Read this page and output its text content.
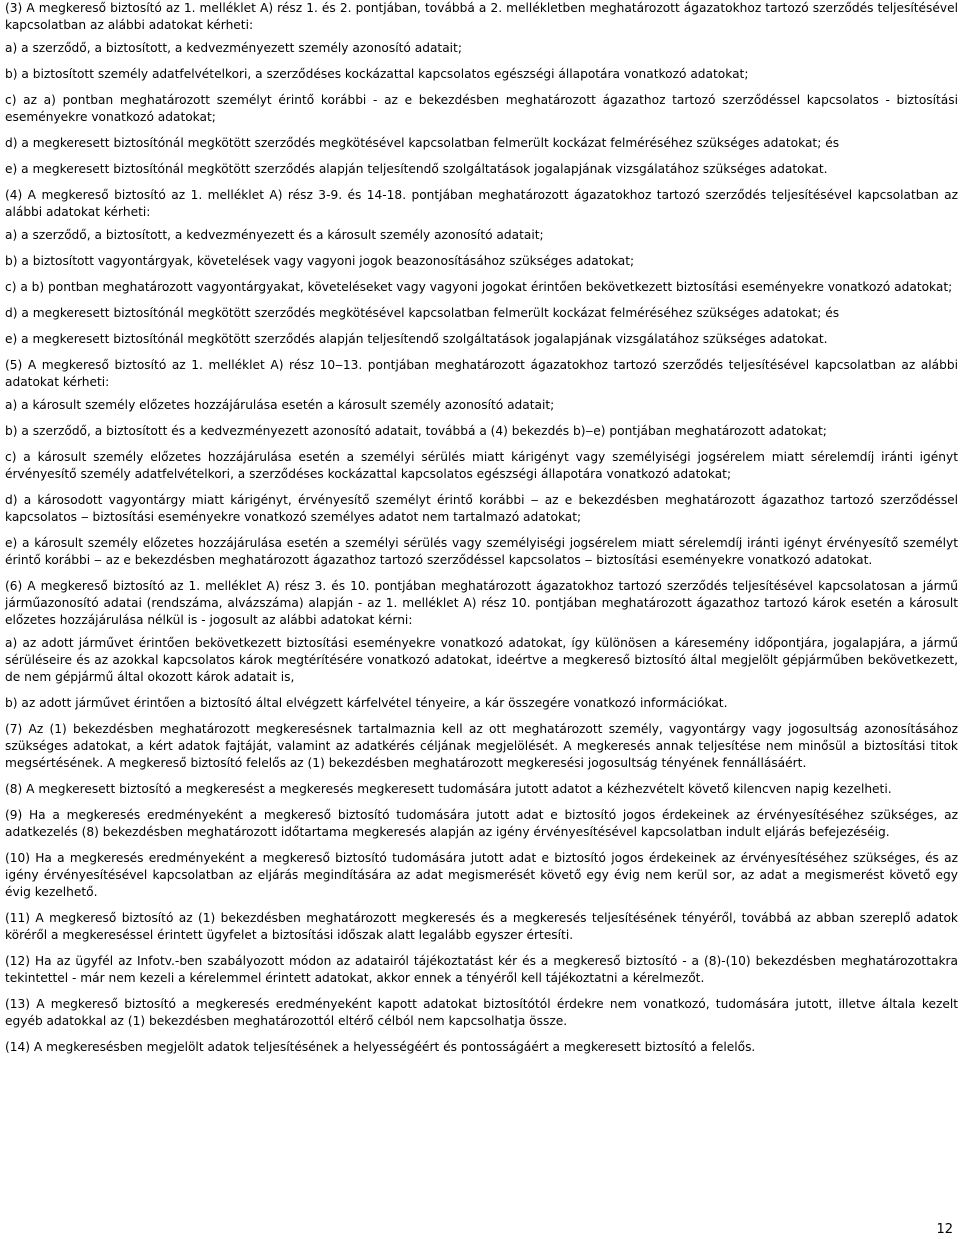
(3) A megkereső biztosító az 1. melléklet A) rész 1. és 2. pontjában, továbbá a 2. mellékletben meghatározott ágazatokhoz tartozó szerződés teljesítésével kapcsolatban az alábbi adatokat kérheti:

a) a szerződő, a biztosított, a kedvezményezett személy azonosító adatait;

b) a biztosított személy adatfelvételkori, a szerződéses kockázattal kapcsolatos egészségi állapotára vonatkozó adatokat;

c) az a) pontban meghatározott személyt érintő korábbi - az e bekezdésben meghatározott ágazathoz tartozó szerződéssel kapcsolatos - biztosítási eseményekre vonatkozó adatokat;

d) a megkeresett biztosítónál megkötött szerződés megkötésével kapcsolatban felmerült kockázat felméréséhez szükséges adatokat; és

e) a megkeresett biztosítónál megkötött szerződés alapján teljesítendő szolgáltatások jogalapjának vizsgálatához szükséges adatokat.

(4) A megkereső biztosító az 1. melléklet A) rész 3-9. és 14-18. pontjában meghatározott ágazatokhoz tartozó szerződés teljesítésével kapcsolatban az alábbi adatokat kérheti:

a) a szerződő, a biztosított, a kedvezményezett és a károsult személy azonosító adatait;

b) a biztosított vagyontárgyak, követelések vagy vagyoni jogok beazonosításához szükséges adatokat;

c) a b) pontban meghatározott vagyontárgyakat, követeléseket vagy vagyoni jogokat érintően bekövetkezett biztosítási eseményekre vonatkozó adatokat;

d) a megkeresett biztosítónál megkötött szerződés megkötésével kapcsolatban felmerült kockázat felméréséhez szükséges adatokat; és

e) a megkeresett biztosítónál megkötött szerződés alapján teljesítendő szolgáltatások jogalapjának vizsgálatához szükséges adatokat.

(5) A megkereső biztosító az 1. melléklet A) rész 10‒13. pontjában meghatározott ágazatokhoz tartozó szerződés teljesítésével kapcsolatban az alábbi adatokat kérheti:

a) a károsult személy előzetes hozzájárulása esetén a károsult személy azonosító adatait;

b) a szerződő, a biztosított és a kedvezményezett azonosító adatait, továbbá a (4) bekezdés b)‒e) pontjában meghatározott adatokat;

c) a károsult személy előzetes hozzájárulása esetén a személyi sérülés miatt kárigényt vagy személyiségi jogsérelem miatt sérelemdíj iránti igényt érvényesítő személy adatfelvételkori, a szerződéses kockázattal kapcsolatos egészségi állapotára vonatkozó adatokat;

d) a károsodott vagyontárgy miatt kárigényt, érvényesítő személyt érintő korábbi ‒ az e bekezdésben meghatározott ágazathoz tartozó szerződéssel kapcsolatos ‒ biztosítási eseményekre vonatkozó személyes adatot nem tartalmazó adatokat;

e) a károsult személy előzetes hozzájárulása esetén a személyi sérülés vagy személyiségi jogsérelem miatt sérelemdíj iránti igényt érvényesítő személyt érintő korábbi ‒ az e bekezdésben meghatározott ágazathoz tartozó szerződéssel kapcsolatos ‒ biztosítási eseményekre vonatkozó adatokat.

(6) A megkereső biztosító az 1. melléklet A) rész 3. és 10. pontjában meghatározott ágazatokhoz tartozó szerződés teljesítésével kapcsolatosan a jármű járműazonosító adatai (rendszáma, alvázszáma) alapján - az 1. melléklet A) rész 10. pontjában meghatározott ágazathoz tartozó károk esetén a károsult előzetes hozzájárulása nélkül is - jogosult az alábbi adatokat kérni:

a) az adott járművet érintően bekövetkezett biztosítási eseményekre vonatkozó adatokat, így különösen a káresemény időpontjára, jogalapjára, a jármű sérüléseire és az azokkal kapcsolatos károk megtérítésére vonatkozó adatokat, ideértve a megkereső biztosító által megjelölt gépjárműben bekövetkezett, de nem gépjármű által okozott károk adatait is,

b) az adott járművet érintően a biztosító által elvégzett kárfelvétel tényeire, a kár összegére vonatkozó információkat.

(7) Az (1) bekezdésben meghatározott megkeresésnek tartalmaznia kell az ott meghatározott személy, vagyontárgy vagy jogosultság azonosításához szükséges adatokat, a kért adatok fajtáját, valamint az adatkérés céljának megjelölését. A megkeresés annak teljesítése nem minősül a biztosítási titok megsértésének. A megkereső biztosító felelős az (1) bekezdésben meghatározott megkeresési jogosultság tényének fennállásáért.

(8) A megkeresett biztosító a megkeresést a megkeresés megkeresett tudomására jutott adatot a kézhezvételt követő kilencven napig kezelheti.

(9) Ha a megkeresés eredményeként a megkereső biztosító tudomására jutott adat e biztosító jogos érdekeinek az érvényesítéséhez szükséges, az adatkezelés (8) bekezdésben meghatározott időtartama megkeresés alapján az igény érvényesítésével kapcsolatban indult eljárás befejezéséig.

(10) Ha a megkeresés eredményeként a megkereső biztosító tudomására jutott adat e biztosító jogos érdekeinek az érvényesítéséhez szükséges, és az igény érvényesítésével kapcsolatban az eljárás megindítására az adat megismerését követő egy évig nem kerül sor, az adat a megismerést követő egy évig kezelhető.

(11) A megkereső biztosító az (1) bekezdésben meghatározott megkeresés és a megkeresés teljesítésének tényéről, továbbá az abban szereplő adatok köréről a megkereséssel érintett ügyfelet a biztosítási időszak alatt legalább egyszer értesíti.

(12) Ha az ügyfél az Infotv.-ben szabályozott módon az adatairól tájékoztatást kér és a megkereső biztosító - a (8)-(10) bekezdésben meghatározottakra tekintettel - már nem kezeli a kérelemmel érintett adatokat, akkor ennek a tényéről kell tájékoztatni a kérelmezőt.

(13) A megkereső biztosító a megkeresés eredményeként kapott adatokat biztosítótól érdekre nem vonatkozó, tudomására jutott, illetve általa kezelt egyéb adatokkal az (1) bekezdésben meghatározottól eltérő célból nem kapcsolhatja össze.

(14) A megkeresésben megjelölt adatok teljesítésének a helyességéért és pontosságáért a megkeresett biztosító a felelős.

12
